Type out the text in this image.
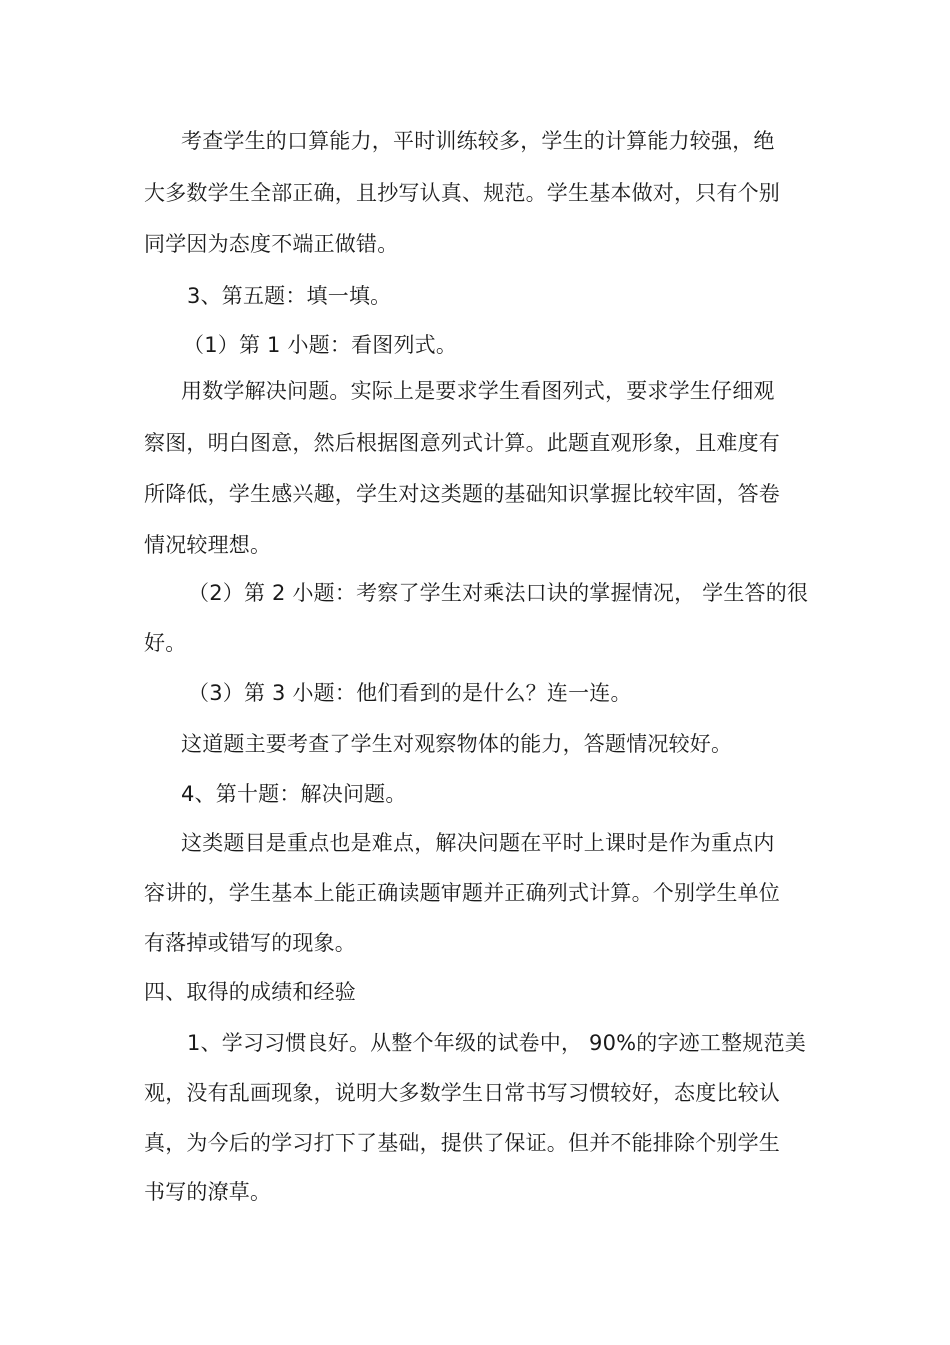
考查学生的口算能力，平时训练较多，学生的计算能力较强，绝

大多数学生全部正确，且抄写认真、规范。学生基本做对，只有个别

同学因为态度不端正做错。

3、第五题：填一填。

（1）第 1 小题：看图列式。

用数学解决问题。实际上是要求学生看图列式，要求学生仔细观

察图，明白图意，然后根据图意列式计算。此题直观形象，且难度有

所降低，学生感兴趣，学生对这类题的基础知识掌握比较牢固，答卷

情况较理想。

（2）第 2 小题：考察了学生对乘法口诀的掌握情况， 学生答的很

好。

（3）第 3 小题：他们看到的是什么？连一连。

这道题主要考查了学生对观察物体的能力，答题情况较好。

4、第十题：解决问题。

这类题目是重点也是难点，解决问题在平时上课时是作为重点内

容讲的，学生基本上能正确读题审题并正确列式计算。个别学生单位

有落掉或错写的现象。

四、取得的成绩和经验

1、学习习惯良好。从整个年级的试卷中， 90%的字迹工整规范美

观，没有乱画现象，说明大多数学生日常书写习惯较好，态度比较认

真，为今后的学习打下了基础，提供了保证。但并不能排除个别学生

书写的潦草。
